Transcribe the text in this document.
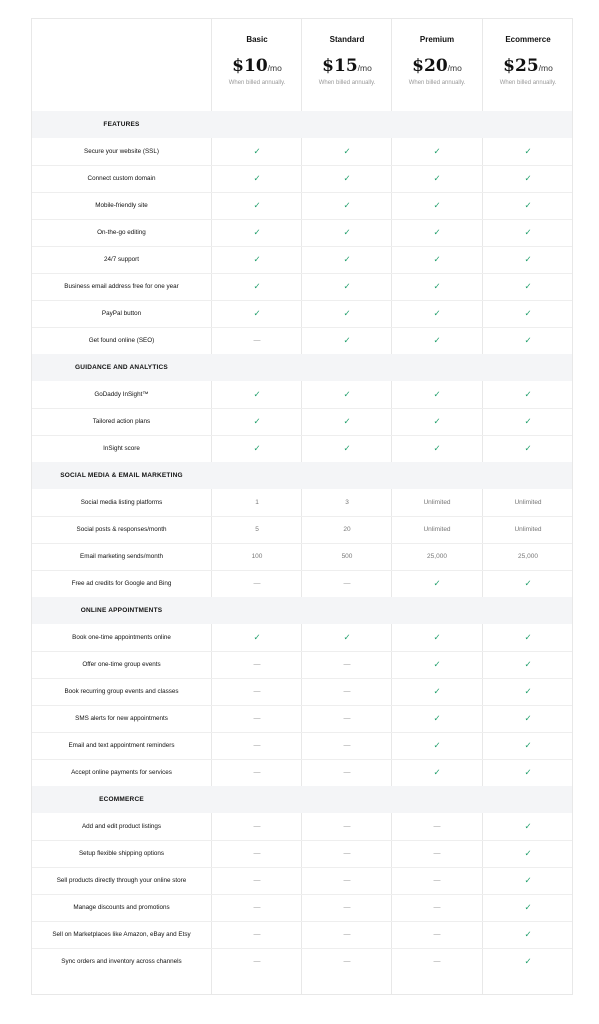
Basic
$10/mo
When billed annually.
Standard
$15/mo
When billed annually.
Premium
$20/mo
When billed annually.
Ecommerce
$25/mo
When billed annually.
FEATURES
Secure your website (SSL)	✓	✓	✓	✓
Connect custom domain	✓	✓	✓	✓
Mobile-friendly site	✓	✓	✓	✓
On-the-go editing	✓	✓	✓	✓
24/7 support	✓	✓	✓	✓
Business email address free for one year	✓	✓	✓	✓
PayPal button	✓	✓	✓	✓
Get found online (SEO)	—	✓	✓	✓
GUIDANCE AND ANALYTICS
GoDaddy InSight™	✓	✓	✓	✓
Tailored action plans	✓	✓	✓	✓
InSight score	✓	✓	✓	✓
SOCIAL MEDIA & EMAIL MARKETING
Social media listing platforms	1	3	Unlimited	Unlimited
Social posts & responses/month	5	20	Unlimited	Unlimited
Email marketing sends/month	100	500	25,000	25,000
Free ad credits for Google and Bing	—	—	✓	✓
ONLINE APPOINTMENTS
Book one-time appointments online	✓	✓	✓	✓
Offer one-time group events	—	—	✓	✓
Book recurring group events and classes	—	—	✓	✓
SMS alerts for new appointments	—	—	✓	✓
Email and text appointment reminders	—	—	✓	✓
Accept online payments for services	—	—	✓	✓
ECOMMERCE
Add and edit product listings	—	—	—	✓
Setup flexible shipping options	—	—	—	✓
Sell products directly through your online store	—	—	—	✓
Manage discounts and promotions	—	—	—	✓
Sell on Marketplaces like Amazon, eBay and Etsy	—	—	—	✓
Sync orders and inventory across channels	—	—	—	✓
